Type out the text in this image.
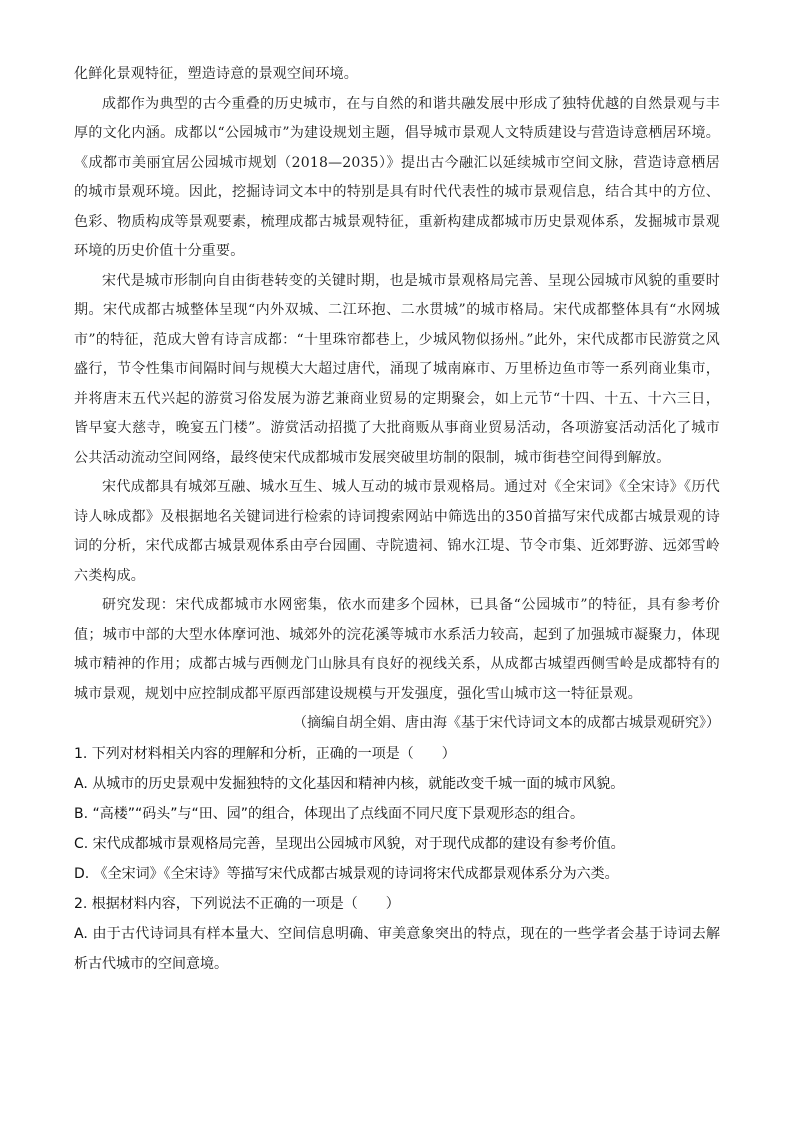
化鲜化景观特征，塑造诗意的景观空间环境。

成都作为典型的古今重叠的历史城市，在与自然的和谐共融发展中形成了独特优越的自然景观与丰厚的文化内涵。成都以“公园城市”为建设规划主题，倡导城市景观人文特质建设与营造诗意栖居环境。《成都市美丽宜居公园城市规划（2018—2035）》提出古今融汇以延续城市空间文脉，营造诗意栖居的城市景观环境。因此，挖掘诗词文本中的特别是具有时代代表性的城市景观信息，结合其中的方位、色彩、物质构成等景观要素，梳理成都古城景观特征，重新构建成都城市历史景观体系，发掘城市景观环境的历史价值十分重要。

宋代是城市形制向自由街巷转变的关键时期，也是城市景观格局完善、呈现公园城市风貌的重要时期。宋代成都古城整体呈现“内外双城、二江环抱、二水贯城”的城市格局。宋代成都整体具有“水网城市”的特征，范成大曾有诗言成都：“十里珠帘都巷上，少城风物似扬州。”此外，宋代成都市民游赏之风盛行，节令性集市间隔时间与规模大大超过唐代，涌现了城南麻市、万里桥边鱼市等一系列商业集市，并将唐末五代兴起的游赏习俗发展为游艺兼商业贸易的定期聚会，如上元节“十四、十五、十六三日，皆早宴大慈寺，晚宴五门楼”。游赏活动招揽了大批商贩从事商业贸易活动，各项游宴活动活化了城市公共活动流动空间网络，最终使宋代成都城市发展突破里坊制的限制，城市街巷空间得到解放。

宋代成都具有城郊互融、城水互生、城人互动的城市景观格局。通过对《全宋词》《全宋诗》《历代诗人咏成都》及根据地名关键词进行检索的诗词搜索网站中筛选出的350首描写宋代成都古城景观的诗词的分析，宋代成都古城景观体系由亭台园圃、寺院遗祠、锦水江堤、节令市集、近郊野游、远郊雪岭六类构成。

研究发现：宋代成都城市水网密集，依水而建多个园林，已具备“公园城市”的特征，具有参考价值；城市中部的大型水体摩诃池、城郊外的浣花溪等城市水系活力较高，起到了加强城市凝聚力，体现城市精神的作用；成都古城与西侧龙门山脉具有良好的视线关系，从成都古城望西侧雪岭是成都特有的城市景观，规划中应控制成都平原西部建设规模与开发强度，强化雪山城市这一特征景观。

（摘编自胡全娟、唐由海《基于宋代诗词文本的成都古城景观研究》）

1. 下列对材料相关内容的理解和分析，正确的一项是（　　）

A. 从城市的历史景观中发掘独特的文化基因和精神内核，就能改变千城一面的城市风貌。

B. “高楼”“码头”与“田、园”的组合，体现出了点线面不同尺度下景观形态的组合。

C. 宋代成都城市景观格局完善，呈现出公园城市风貌，对于现代成都的建设有参考价值。

D. 《全宋词》《全宋诗》等描写宋代成都古城景观的诗词将宋代成都景观体系分为六类。

2. 根据材料内容，下列说法不正确的一项是（　　）

A. 由于古代诗词具有样本量大、空间信息明确、审美意象突出的特点，现在的一些学者会基于诗词去解析古代城市的空间意境。
